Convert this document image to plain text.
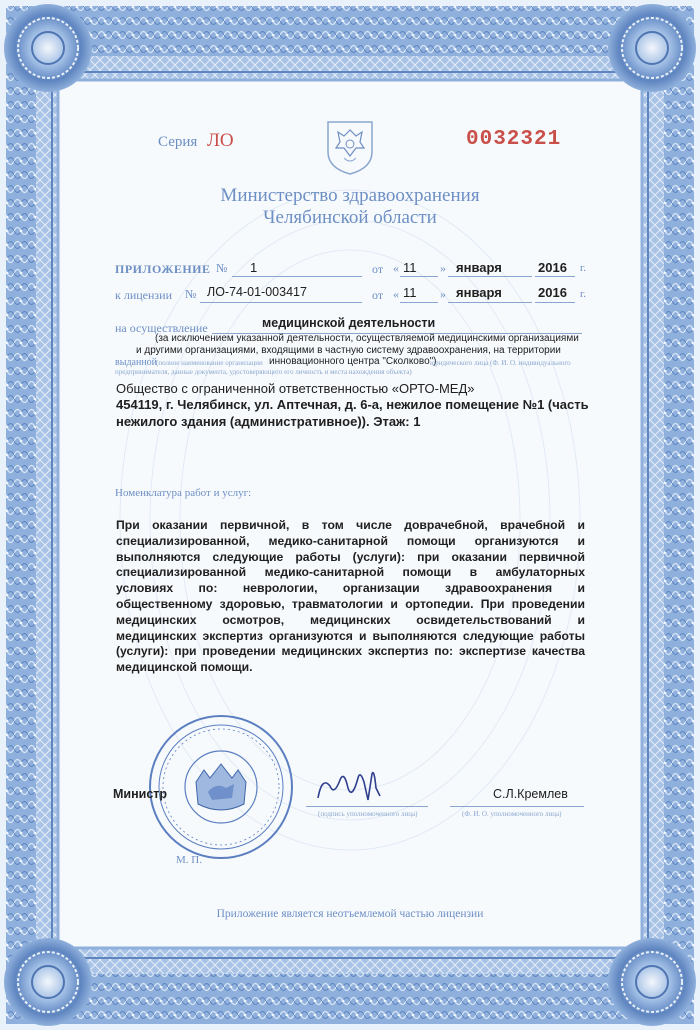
Серия ЛО	0032321
Министерство здравоохранения
Челябинской области
ПРИЛОЖЕНИЕ № 1	от « 11 » января	2016 г.
к лицензии № ЛО-74-01-003417	от « 11 » января	2016 г.
на осуществление	медицинской деятельности
(за исключением указанной деятельности, осуществляемой медицинскими организациями
и другими организациями, входящими в частную систему здравоохранения, на территории
выданной
(полное наименование организации инновационного центра "Сколково")
юридического лица (Ф. И. О. индивидуального
предпринимателя, данные документа, удостоверяющего его личность и места нахождения объекта)
Общество с ограниченной ответственностью «ОРТО-МЕД»
454119, г. Челябинск, ул. Аптечная, д. 6-а, нежилое помещение №1 (часть
нежилого здания (административное)). Этаж: 1
Номенклатура работ и услуг:
При оказании первичной, в том числе доврачебной, врачебной и
специализированной, медико-санитарной помощи организуются и
выполняются следующие работы (услуги): при оказании первичной
специализированной медико-санитарной помощи в амбулаторных
условиях по: неврологии, организации здравоохранения и
общественному здоровью, травматологии и ортопедии. При проведении
медицинских осмотров, медицинских освидетельствований и
медицинских экспертиз организуются и выполняются следующие работы
(услуги): при проведении медицинских экспертиз по: экспертизе качества
медицинской помощи.
Министр
(подпись уполномоченного лица)
С.Л.Кремлев
(Ф. И. О. уполномоченного лица)
М. П.
Приложение является неотъемлемой частью лицензии
